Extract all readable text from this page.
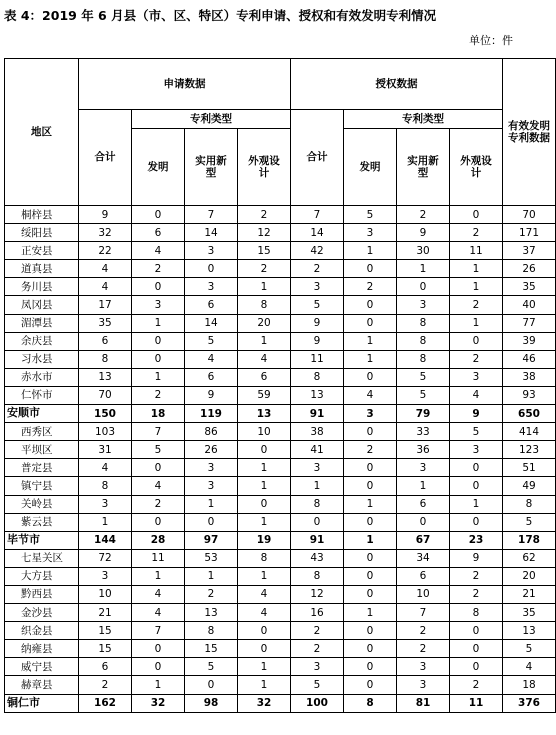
表 4：2019 年 6 月县（市、区、特区）专利申请、授权和有效发明专利情况
单位：件
地区	申请数据				授权数据				有效发明专利数据
	合计	专利类型			合计	专利类型			
		发明	实用新型	外观设计		发明	实用新型	外观设计	
桐梓县	9	0	7	2	7	5	2	0	70
绥阳县	32	6	14	12	14	3	9	2	171
正安县	22	4	3	15	42	1	30	11	37
道真县	4	2	0	2	2	0	1	1	26
务川县	4	0	3	1	3	2	0	1	35
凤冈县	17	3	6	8	5	0	3	2	40
湄潭县	35	1	14	20	9	0	8	1	77
余庆县	6	0	5	1	9	1	8	0	39
习水县	8	0	4	4	11	1	8	2	46
赤水市	13	1	6	6	8	0	5	3	38
仁怀市	70	2	9	59	13	4	5	4	93
安顺市	150	18	119	13	91	3	79	9	650
西秀区	103	7	86	10	38	0	33	5	414
平坝区	31	5	26	0	41	2	36	3	123
普定县	4	0	3	1	3	0	3	0	51
镇宁县	8	4	3	1	1	0	1	0	49
关岭县	3	2	1	0	8	1	6	1	8
紫云县	1	0	0	1	0	0	0	0	5
毕节市	144	28	97	19	91	1	67	23	178
七星关区	72	11	53	8	43	0	34	9	62
大方县	3	1	1	1	8	0	6	2	20
黔西县	10	4	2	4	12	0	10	2	21
金沙县	21	4	13	4	16	1	7	8	35
织金县	15	7	8	0	2	0	2	0	13
纳雍县	15	0	15	0	2	0	2	0	5
威宁县	6	0	5	1	3	0	3	0	4
赫章县	2	1	0	1	5	0	3	2	18
铜仁市	162	32	98	32	100	8	81	11	376
